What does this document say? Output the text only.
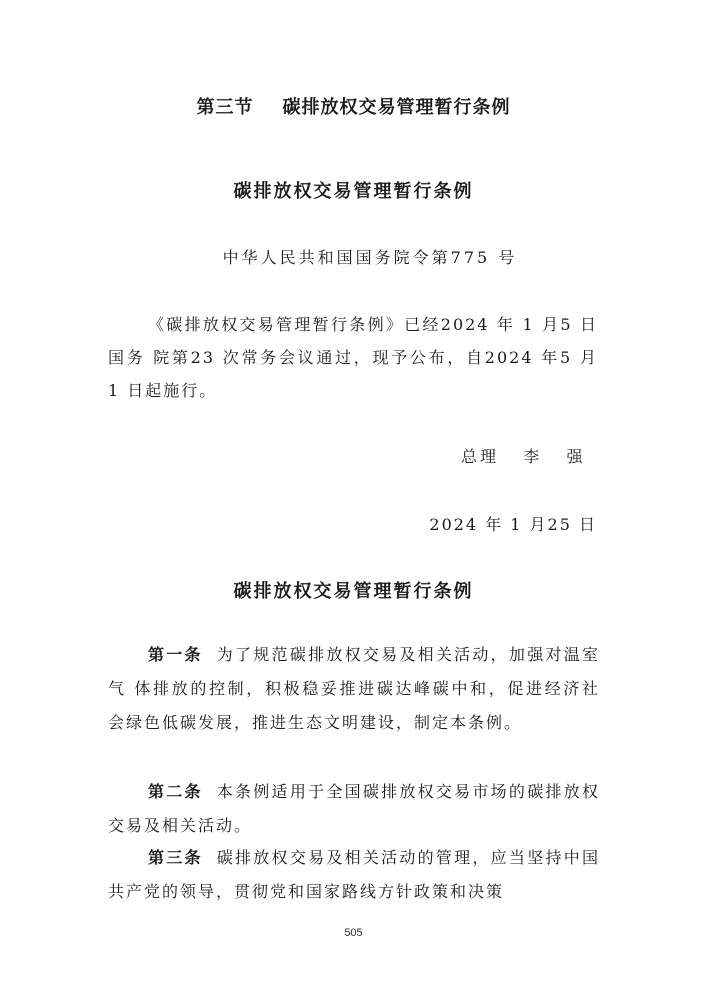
第三节    碳排放权交易管理暂行条例
碳排放权交易管理暂行条例
中华人民共和国国务院令第775 号
《碳排放权交易管理暂行条例》已经2024 年 1 月5 日国务 院第23 次常务会议通过，现予公布，自2024 年5 月 1 日起施行。
总理   李   强
2024 年 1 月25 日
碳排放权交易管理暂行条例
第一条 为了规范碳排放权交易及相关活动，加强对温室气 体排放的控制，积极稳妥推进碳达峰碳中和，促进经济社会绿色低碳发展，推进生态文明建设，制定本条例。
第二条 本条例适用于全国碳排放权交易市场的碳排放权交易及相关活动。
第三条 碳排放权交易及相关活动的管理，应当坚持中国共产党的领导，贯彻党和国家路线方针政策和决策
505
